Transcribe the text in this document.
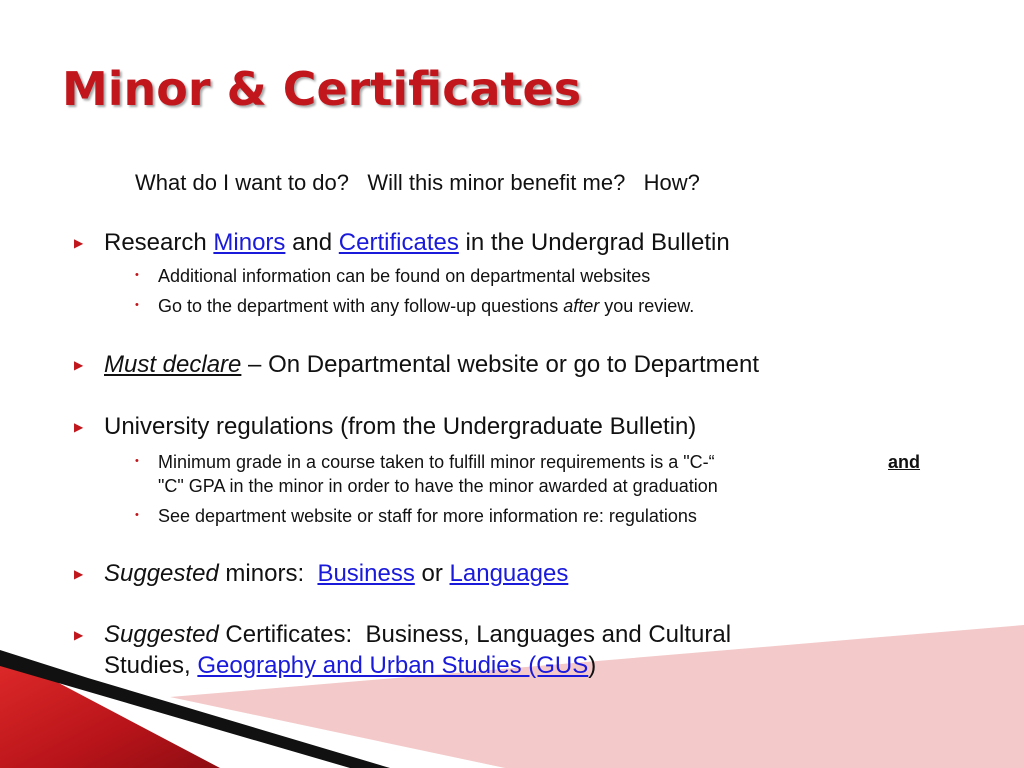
Minor & Certificates
What do I want to do?   Will this minor benefit me?   How?
▶ Research Minors and Certificates in the Undergrad Bulletin
• Additional information can be found on departmental websites
• Go to the department with any follow-up questions after you review.
▶ Must declare – On Departmental website or go to Department
▶ University regulations (from the Undergraduate Bulletin)
• Minimum grade in a course taken to fulfill minor requirements is a "C-“	and
"C" GPA in the minor in order to have the minor awarded at graduation
• See department website or staff for more information re: regulations
▶ Suggested minors:  Business or Languages
▶ Suggested Certificates:  Business, Languages and Cultural
Studies, Geography and Urban Studies (GUS)
